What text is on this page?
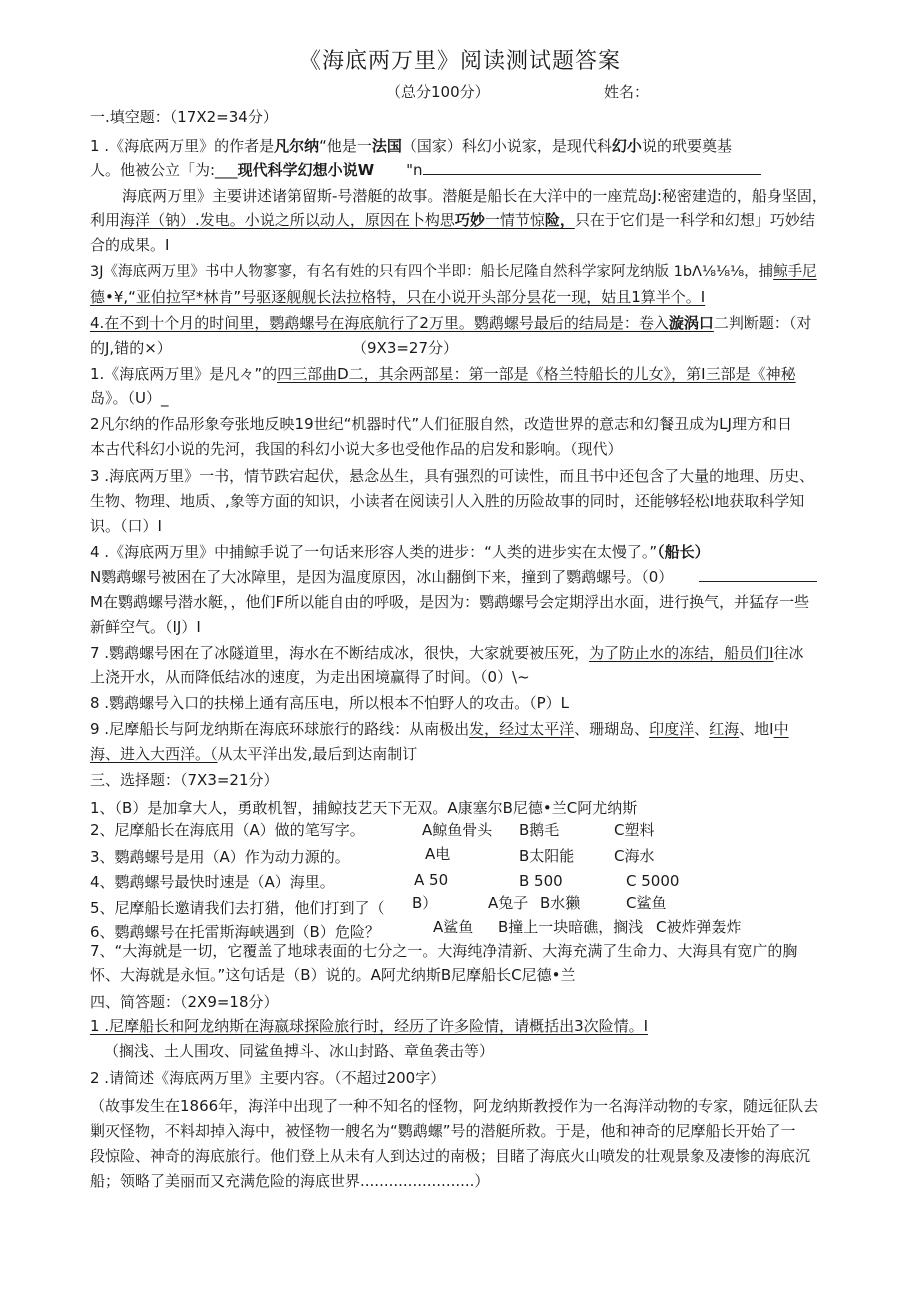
《海底两万里》阅读测试题答案
（总分100分）	姓名：
一.填空题：（17X2=34分）
1 .《海底两万里》的作者是凡尔纳“他是一法国（国家）科幻小说家，是现代科幻小说的玳要奠基
人。他被公立「为:___现代科学幻想小说W "n
海底两万里》主要讲述诸第留斯-号潜艇的故事。潜艇是船长在大洋中的一座荒岛J:秘密建造的，船身坚固，
利用海洋（钠）.发电。小说之所以动人，原因在卜构思巧妙一情节惊险，只在于它们是一科学和幻想」巧妙结
合的成果。I
3J《海底两万里》书中人物寥寥，有名有姓的只有四个半即：船长尼隆自然科学家阿龙纳版 1bΛ⅛⅛⅛，捕鲸手尼
德•¥,“亚伯拉罕*林肯”号驱逐舰舰长法拉格特，只在小说开头部分昙花一现，姑且1算半个。I
4.在不到十个月的时间里，鹦鹉螺号在海底航行了2万里。鹦鹉螺号最后的结局是：卷入漩涡口二判断题：（对
的J,错的×）	（9X3=27分）
1.《海底两万里》是凡々”的四三部曲D二，其余两部星：第一部是《格兰特船长的儿女》，第I三部是《神秘
岛》。（U）_
2凡尔纳的作品形象夸张地反映19世纪“机器时代”人们征服自然，改造世界的意志和幻餐丑成为LJ理方和日
本古代科幻小说的先河，我国的科幻小说大多也受他作品的启发和影响。（现代）
3 .海底两万里》一书，情节跌宕起伏，悬念丛生，具有强烈的可读性，而且书中还包含了大量的地理、历史、
生物、物理、地质、,象等方面的知识，小读者在阅读引人入胜的历险故事的同时，还能够轻松I地获取科学知
识。（口）I
4 .《海底两万里》中捕鲸手说了一句话来形容人类的进步：“人类的进步实在太慢了。”（船长）
N鹦鹉螺号被困在了大冰障里，是因为温度原因，冰山翻倒下来，撞到了鹦鹉螺号。（0）
M在鹦鹉螺号潜水艇，，他们F所以能自由的呼吸，是因为：鹦鹉螺号会定期浮出水面，进行换气，并猛存一些
新鲜空气。（IJ）I
7 .鹦鹉螺号困在了冰隧道里，海水在不断结成冰，很快，大家就要被压死，为了防止水的冻结，船员们I往冰
上浇开水，从而降低结冰的速度，为走出困境赢得了时间。（0）\~
8 .鹦鹉螺号入口的扶梯上通有高压电，所以根本不怕野人的攻击。（P）L
9 .尼摩船长与阿龙纳斯在海底环球旅行的路线：从南极出发，经过太平洋、珊瑚岛、印度洋、红海、地I中
海、进入大西洋。（从太平洋出发,最后到达南制订
三、选择题：（7X3=21分）
1、（B）是加拿大人，勇敢机智，捕鲸技艺天下无双。A康塞尔B尼德•兰C阿尤纳斯
2、尼摩船长在海底用（A）做的笔写字。	A鲸鱼骨头 B鹅毛	C塑料
3、鹦鹉螺号是用（A）作为动力源的。	A电	B太阳能	C海水
4、鹦鹉螺号最快时速是（A）海里。	A 50	B 500	C 5000
5、尼摩船长邀请我们去打猎，他们打到了（ B）	A兔子 B水獭	C鲨鱼
6、鹦鹉螺号在托雷斯海峡遇到（B）危险？	A鲨鱼 B撞上一块暗礁，搁浅 C被炸弹轰炸
7、“大海就是一切，它覆盖了地球表面的七分之一。大海纯净清新、大海充满了生命力、大海具有宽广的胸
怀、大海就是永恒。”这句话是（B）说的。A阿尤纳斯B尼摩船长C尼德•兰
四、简答题：（2X9=18分）
1 .尼摩船长和阿龙纳斯在海嬴球探险旅行时，经历了许多险情，请概括出3次险情。I
（搁浅、土人围攻、同鲨鱼搏斗、冰山封路、章鱼袭击等）
2 .请简述《海底两万里》主要内容。（不超过200字）
（故事发生在1866年，海洋中出现了一种不知名的怪物，阿龙纳斯教授作为一名海洋动物的专家，随远征队去
剿灭怪物，不料却掉入海中，被怪物一艘名为“鹦鹉螺”号的潜艇所救。于是，他和神奇的尼摩船长开始了一
段惊险、神奇的海底旅行。他们登上从未有人到达过的南极；目睹了海底火山喷发的壮观景象及凄惨的海底沉
船；领略了美丽而又充满危险的海底世界........................）
